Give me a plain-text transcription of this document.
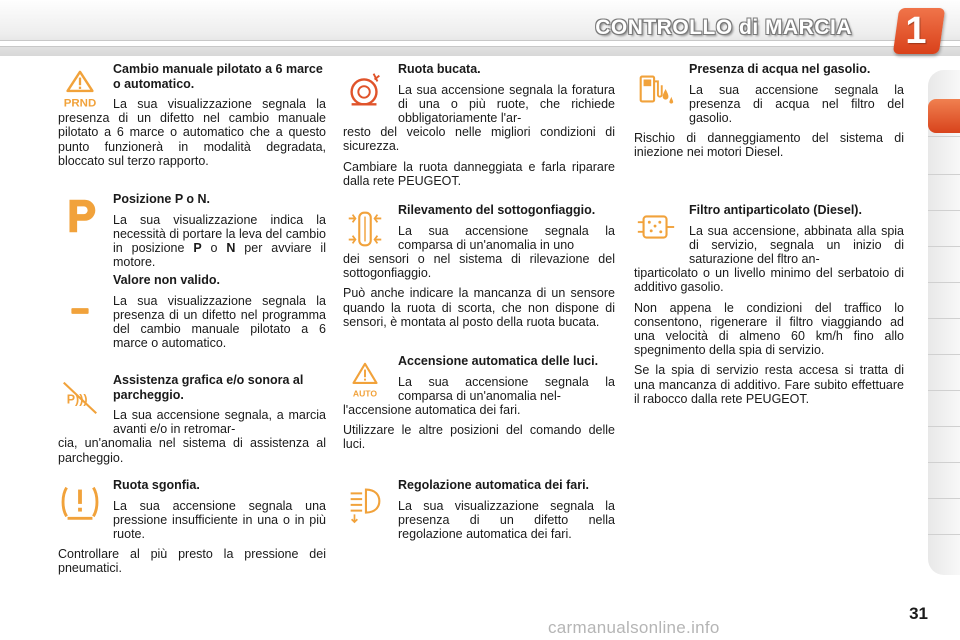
CONTROLLO di MARCIA 1
PRND
Cambio manuale pilotato a 6 marce o automatico.
La sua visualizzazione segnala la presenza di un difetto nel cambio manuale pilotato a 6 marce o automatico che a questo punto funzionerà in modalità degradata, bloccato sul terzo rapporto.
Posizione P o N.
La sua visualizzazione indica la necessità di portare la leva del cambio in posizione P o N per avviare il motore.
Valore non valido.
La sua visualizzazione segnala la presenza di un difetto nel programma del cambio manuale pilotato a 6 marce o automatico.
P)))
Assistenza grafica e/o sonora al parcheggio.
La sua accensione segnala, a marcia avanti e/o in retromar-
cia, un'anomalia nel sistema di assistenza al parcheggio.
Ruota sgonfia.
La sua accensione segnala una pressione insufficiente in una o in più ruote.
Controllare al più presto la pressione dei pneumatici.
Ruota bucata.
La sua accensione segnala la foratura di una o più ruote, che richiede obbligatoriamente l'ar-
resto del veicolo nelle migliori condizioni di sicurezza.
Cambiare la ruota danneggiata e farla riparare dalla rete PEUGEOT.
Rilevamento del sottogonfiaggio.
La sua accensione segnala la comparsa di un'anomalia in uno
dei sensori o nel sistema di rilevazione del sottogonfiaggio.
Può anche indicare la mancanza di un sensore quando la ruota di scorta, che non dispone di sensori, è montata al posto della ruota bucata.
AUTO
Accensione automatica delle luci.
La sua accensione segnala la comparsa di un'anomalia nel-
l'accensione automatica dei fari.
Utilizzare le altre posizioni del comando delle luci.
Regolazione automatica dei fari.
La sua visualizzazione segnala la presenza di un difetto nella regolazione automatica dei fari.
Presenza di acqua nel gasolio.
La sua accensione segnala la presenza di acqua nel filtro del gasolio.
Rischio di danneggiamento del sistema di iniezione nei motori Diesel.
Filtro antiparticolato (Diesel).
La sua accensione, abbinata alla spia di servizio, segnala un inizio di saturazione del fltro an-
tiparticolato o un livello minimo del serbatoio di additivo gasolio.
Non appena le condizioni del traffico lo consentono, rigenerare il filtro viaggiando ad una velocità di almeno 60 km/h fino allo spegnimento della spia di servizio.
Se la spia di servizio resta accesa si tratta di una mancanza di additivo. Fare subito effettuare il rabocco dalla rete PEUGEOT.
31
carmanualsonline.info
